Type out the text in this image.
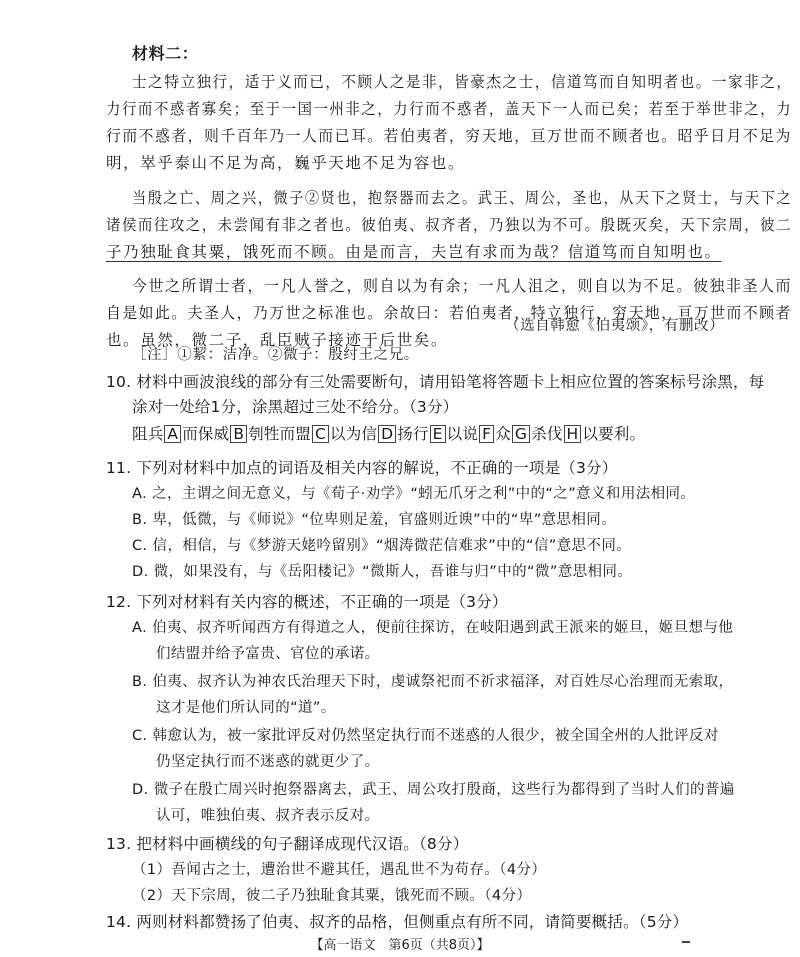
材料二：
士之特立独行，适于义而已，不顾人之是非，皆豪杰之士，信道笃而自知明者也。一家非之，
力行而不惑者寡矣；至于一国一州非之，力行而不惑者，盖天下一人而已矣；若至于举世非之，力
行而不惑者，则千百年乃一人而已耳。若伯夷者，穷天地，亘万世而不顾者也。昭乎日月不足为
明，崒乎泰山不足为高，巍乎天地不足为容也。
当殷之亡、周之兴，微子②贤也，抱祭器而去之。武王、周公，圣也，从天下之贤士，与天下之
诸侯而往攻之，未尝闻有非之者也。彼伯夷、叔齐者，乃独以为不可。殷既灭矣，天下宗周，彼二
子乃独耻食其粟，饿死而不顾。由是而言，夫岂有求而为哉？信道笃而自知明也。
今世之所谓士者，一凡人誉之，则自以为有余；一凡人沮之，则自以为不足。彼独非圣人而
自是如此。夫圣人，乃万世之标准也。余故曰：若伯夷者，特立独行，穷天地，亘万世而不顾者
也。虽然，微二子，乱臣贼子接迹于后世矣。
（选自韩愈《伯夷颂》，有删改）
［注］①絜：洁净。②微子：殷纣王之兄。
10. 材料中画波浪线的部分有三处需要断句，请用铅笔将答题卡上相应位置的答案标号涂黑，每
涂对一处给1分，涂黑超过三处不给分。（3分）
阻兵 A 而保威 B 刳牲而盟 C 以为信 D 扬行 E 以说 F 众 G 杀伐 H 以要利。
11. 下列对材料中加点的词语及相关内容的解说，不正确的一项是（3分）
A. 之，主谓之间无意义，与《荀子·劝学》“蚓无爪牙之利”中的“之”意义和用法相同。
B. 卑，低微，与《师说》“位卑则足羞，官盛则近谀”中的“卑”意思相同。
C. 信，相信，与《梦游天姥吟留别》“烟涛微茫信难求”中的“信”意思不同。
D. 微，如果没有，与《岳阳楼记》“微斯人，吾谁与归”中的“微”意思相同。
12. 下列对材料有关内容的概述，不正确的一项是（3分）
A. 伯夷、叔齐听闻西方有得道之人，便前往探访，在岐阳遇到武王派来的姬旦，姬旦想与他
们结盟并给予富贵、官位的承诺。
B. 伯夷、叔齐认为神农氏治理天下时，虔诚祭祀而不祈求福泽，对百姓尽心治理而无索取，
这才是他们所认同的“道”。
C. 韩愈认为，被一家批评反对仍然坚定执行而不迷惑的人很少，被全国全州的人批评反对
仍坚定执行而不迷惑的就更少了。
D. 微子在殷亡周兴时抱祭器离去，武王、周公攻打殷商，这些行为都得到了当时人们的普遍
认可，唯独伯夷、叔齐表示反对。
13. 把材料中画横线的句子翻译成现代汉语。（8分）
（1）吾闻古之士，遭治世不避其任，遇乱世不为苟存。（4分）
（2）天下宗周，彼二子乃独耻食其粟，饿死而不顾。（4分）
14. 两则材料都赞扬了伯夷、叔齐的品格，但侧重点有所不同，请简要概括。（5分）
【高一语文　第6页（共8页）】
